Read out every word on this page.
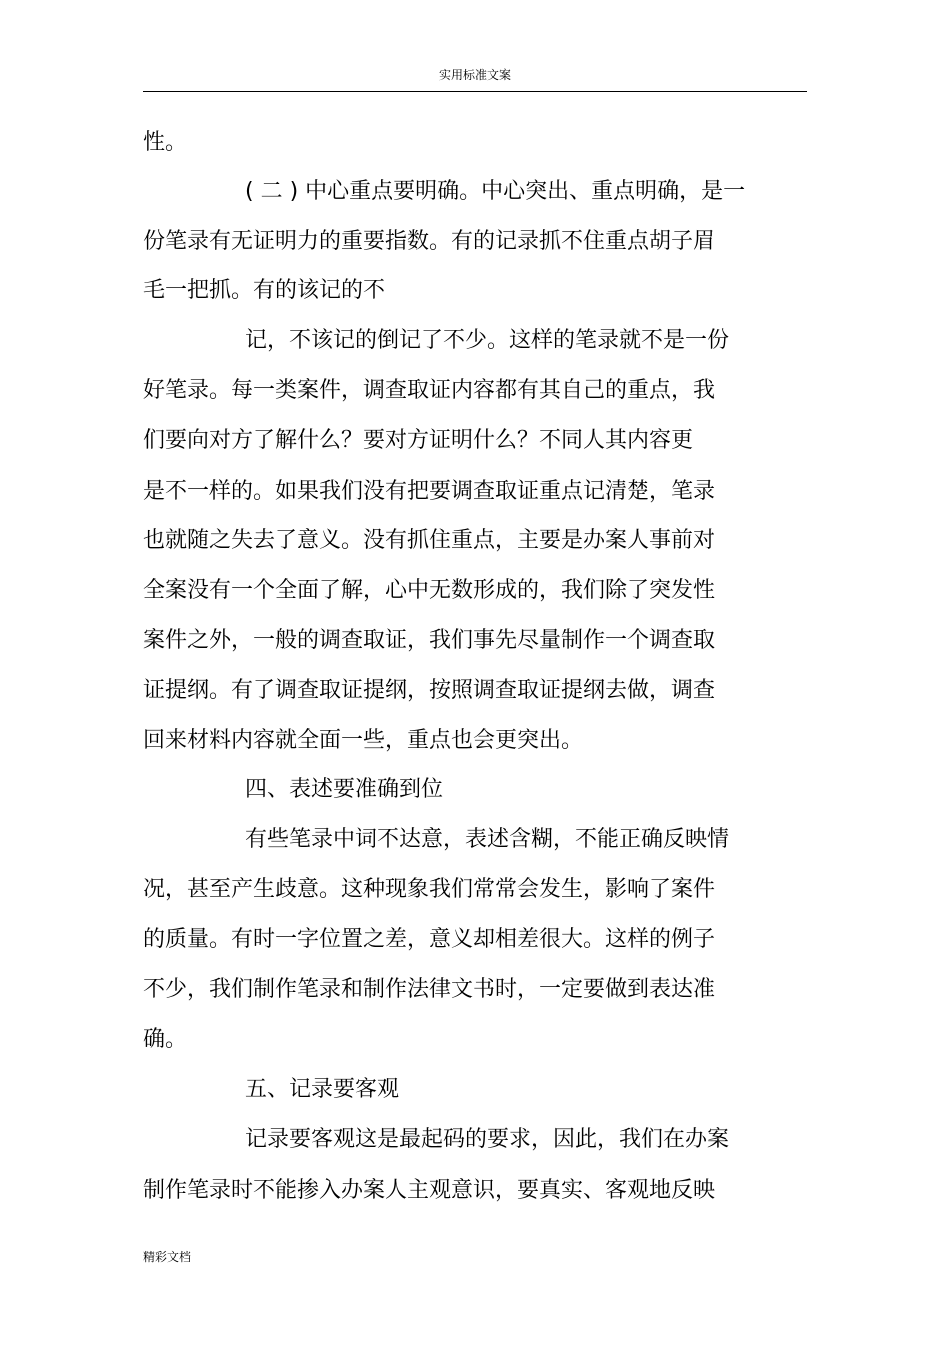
实用标准文案
性。
( 二 ) 中心重点要明确。中心突出、重点明确，是一
份笔录有无证明力的重要指数。有的记录抓不住重点胡子眉
毛一把抓。有的该记的不
记，不该记的倒记了不少。这样的笔录就不是一份
好笔录。每一类案件，调查取证内容都有其自己的重点，我
们要向对方了解什么？要对方证明什么？不同人其内容更
是不一样的。如果我们没有把要调查取证重点记清楚，笔录
也就随之失去了意义。没有抓住重点，主要是办案人事前对
全案没有一个全面了解，心中无数形成的，我们除了突发性
案件之外，一般的调查取证，我们事先尽量制作一个调查取
证提纲。有了调查取证提纲，按照调查取证提纲去做，调查
回来材料内容就全面一些，重点也会更突出。
四、表述要准确到位
有些笔录中词不达意，表述含糊，不能正确反映情
况，甚至产生歧意。这种现象我们常常会发生，影响了案件
的质量。有时一字位置之差，意义却相差很大。这样的例子
不少，我们制作笔录和制作法律文书时，一定要做到表达准
确。
五、记录要客观
记录要客观这是最起码的要求，因此，我们在办案
制作笔录时不能掺入办案人主观意识，要真实、客观地反映
精彩文档
